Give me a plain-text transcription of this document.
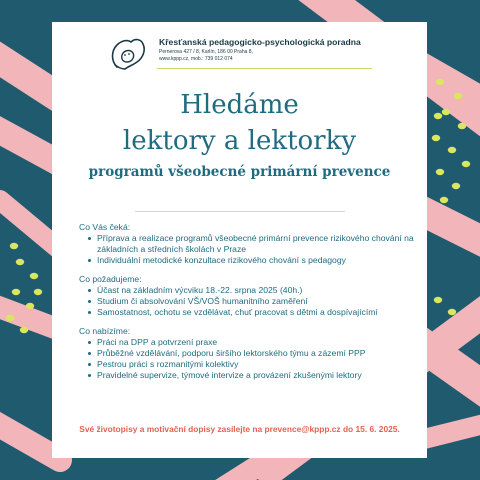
Křesťanská pedagogicko-psychologická poradna
Pernerova 427 / 8, Karlín, 186 00 Praha 8,
www.kppp.cz, mob.: 739 012 074
Hledáme
lektory a lektorky
programů všeobecné primární prevence
Co Vás čeká:
Příprava a realizace programů všeobecné primární prevence rizikového chování na základních a středních školách v Praze
Individuální metodické konzultace rizikového chování s pedagogy
Co požadujeme:
Účast na základním výcviku 18.-22. srpna 2025 (40h.)
Studium či absolvování VŠ/VOŠ humanitního zaměření
Samostatnost, ochotu se vzdělávat, chuť pracovat s dětmi a dospívajícími
Co nabízíme:
Práci na DPP a potvrzení praxe
Průběžné vzdělávání, podporu širšího lektorského týmu a zázemí PPP
Pestrou práci s rozmanitými kolektivy
Pravidelné supervize, týmové intervize a provázení zkušenými lektory
Své životopisy a motivační dopisy zasílejte na prevence@kppp.cz do 15. 6. 2025.
